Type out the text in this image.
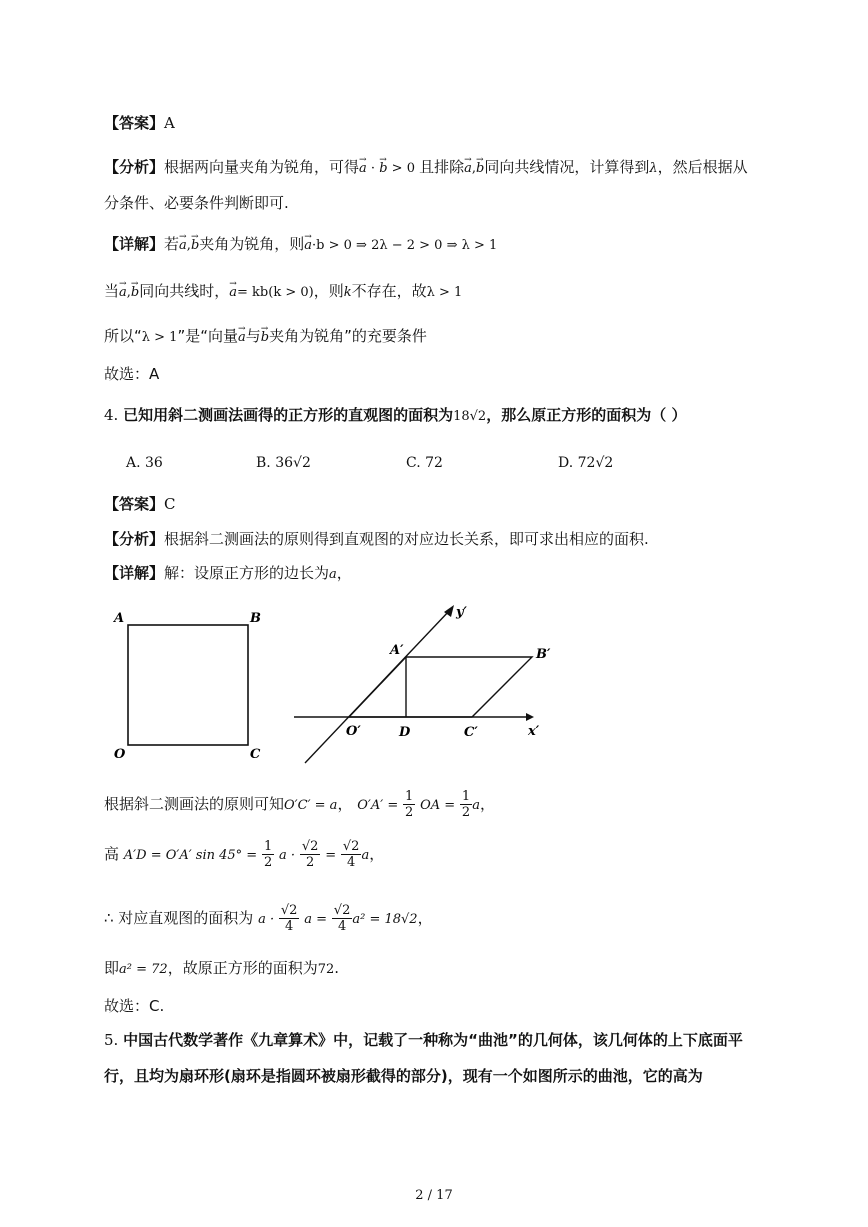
【答案】A
【分析】根据两向量夹角为锐角，可得→ a · → b > 0 且排除→ a,→ b同向共线情况，计算得到λ，然后根据从
分条件、必要条件判断即可.
【详解】若→ a,→ b夹角为锐角，则→ a·b > 0 ⇒ 2λ − 2 > 0 ⇒ λ > 1
当→ a,→ b同向共线时，→ a= kb(k > 0)，则k不存在，故λ > 1
所以“λ > 1”是“向量→ a与→ b夹角为锐角”的充要条件
故选：A
4. 已知用斜二测画法画得的正方形的直观图的面积为18√2，那么原正方形的面积为（ ）
A. 36	B. 36√2	C. 72	D. 72√2
【答案】C
【分析】根据斜二测画法的原则得到直观图的对应边长关系，即可求出相应的面积.
【详解】解：设原正方形的边长为a，
A	B
O	C
x′
y′
A′	B′
O′	D	C′
根据斜二测画法的原则可知O′C′ = a， $O'A' = \frac{1}{2}$ OA = $\frac{1}{2}$ a，
高 A′D = O′A′ $\sin 45^\circ = \frac{1}{2}$ $a \cdot \frac{√2}{2} = \frac{√2}{4}$ a，
∴ 对应直观图的面积为 $a \cdot \frac{√2}{4}$ $a = \frac{√2}{4} a^2 = 18√2$，
即a² = 72，故原正方形的面积为72.
故选：C.
5. 中国古代数学著作《九章算术》中，记载了一种称为“曲池”的几何体，该几何体的上下底面平
行，且均为扇环形(扇环是指圆环被扇形截得的部分)，现有一个如图所示的曲池，它的高为
2 / 17
